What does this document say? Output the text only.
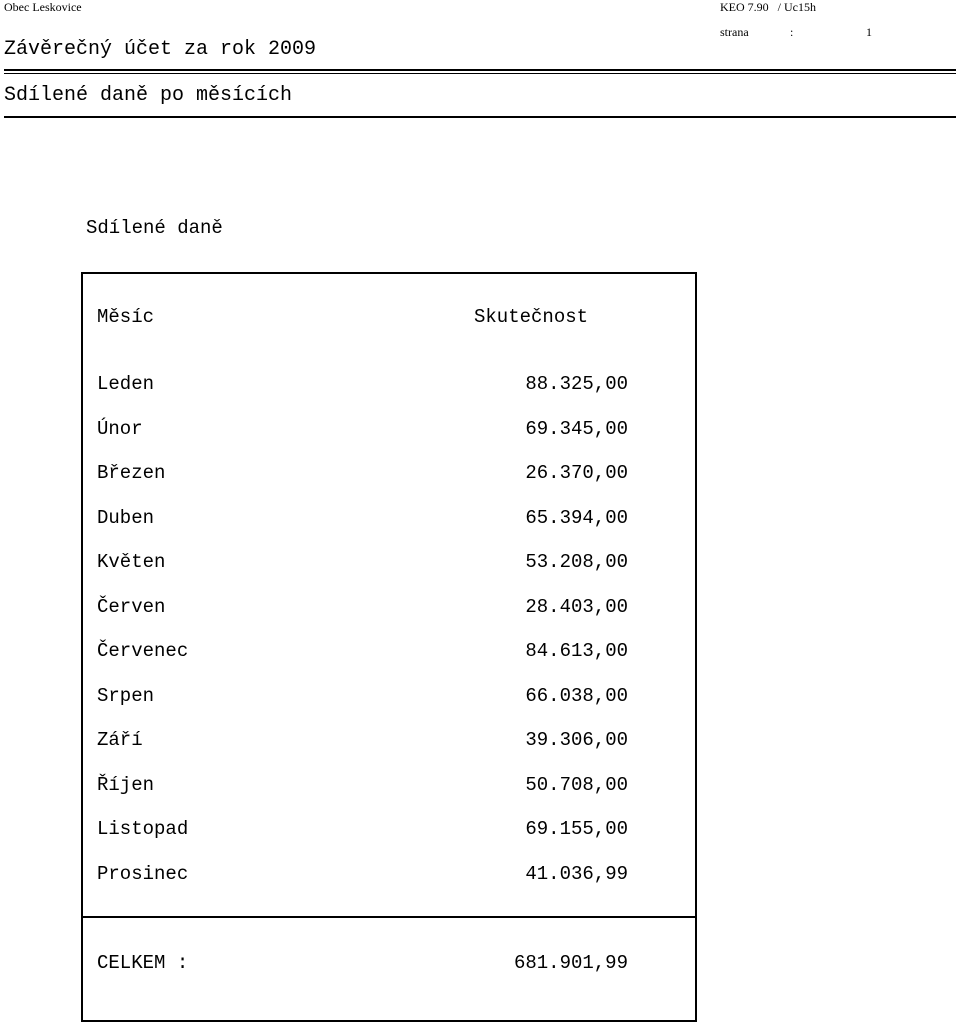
Obec Leskovice	KEO 7.90   / Uc15h
strana	:	1
Závěrečný účet za rok 2009
Sdílené daně po měsících
Sdílené daně
Měsíc	Skutečnost
Leden	88.325,00
Únor	69.345,00
Březen	26.370,00
Duben	65.394,00
Květen	53.208,00
Červen	28.403,00
Červenec	84.613,00
Srpen	66.038,00
Září	39.306,00
Říjen	50.708,00
Listopad	69.155,00
Prosinec	41.036,99
CELKEM :	681.901,99
